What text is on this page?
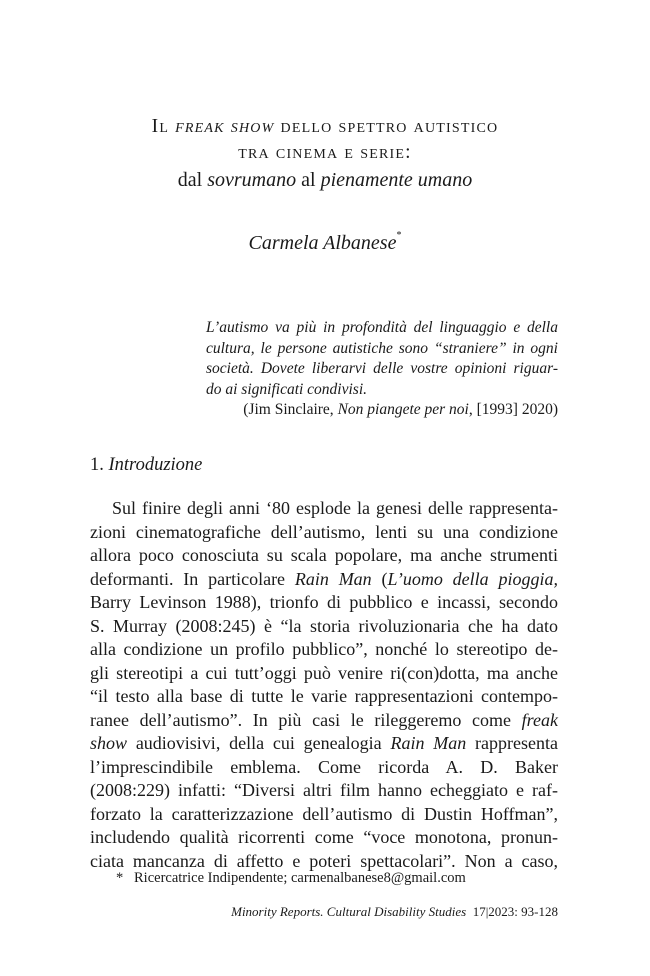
Il freak show dello spettro autistico
tra cinema e serie:
dal sovrumano al pienamente umano
Carmela Albanese*
L’autismo va più in profondità del linguaggio e della
cultura, le persone autistiche sono “straniere” in ogni
società. Dovete liberarvi delle vostre opinioni riguar-
do ai significati condivisi.
(Jim Sinclaire, Non piangete per noi, [1993] 2020)
1. Introduzione
Sul finire degli anni ‘80 esplode la genesi delle rappresenta-
zioni cinematografiche dell’autismo, lenti su una condizione
allora poco conosciuta su scala popolare, ma anche strumenti
deformanti. In particolare Rain Man (L’uomo della pioggia,
Barry Levinson 1988), trionfo di pubblico e incassi, secondo
S. Murray (2008:245) è “la storia rivoluzionaria che ha dato
alla condizione un profilo pubblico”, nonché lo stereotipo de-
gli stereotipi a cui tutt’oggi può venire ri(con)dotta, ma anche
“il testo alla base di tutte le varie rappresentazioni contempo-
ranee dell’autismo”. In più casi le rileggeremo come freak
show audiovisivi, della cui genealogia Rain Man rappresenta
l’imprescindibile emblema. Come ricorda A. D. Baker
(2008:229) infatti: “Diversi altri film hanno echeggiato e raf-
forzato la caratterizzazione dell’autismo di Dustin Hoffman”,
includendo qualità ricorrenti come “voce monotona, pronun-
ciata mancanza di affetto e poteri spettacolari”. Non a caso,
* Ricercatrice Indipendente; carmenalbanese8@gmail.com
Minority Reports. Cultural Disability Studies 17|2023: 93-128
